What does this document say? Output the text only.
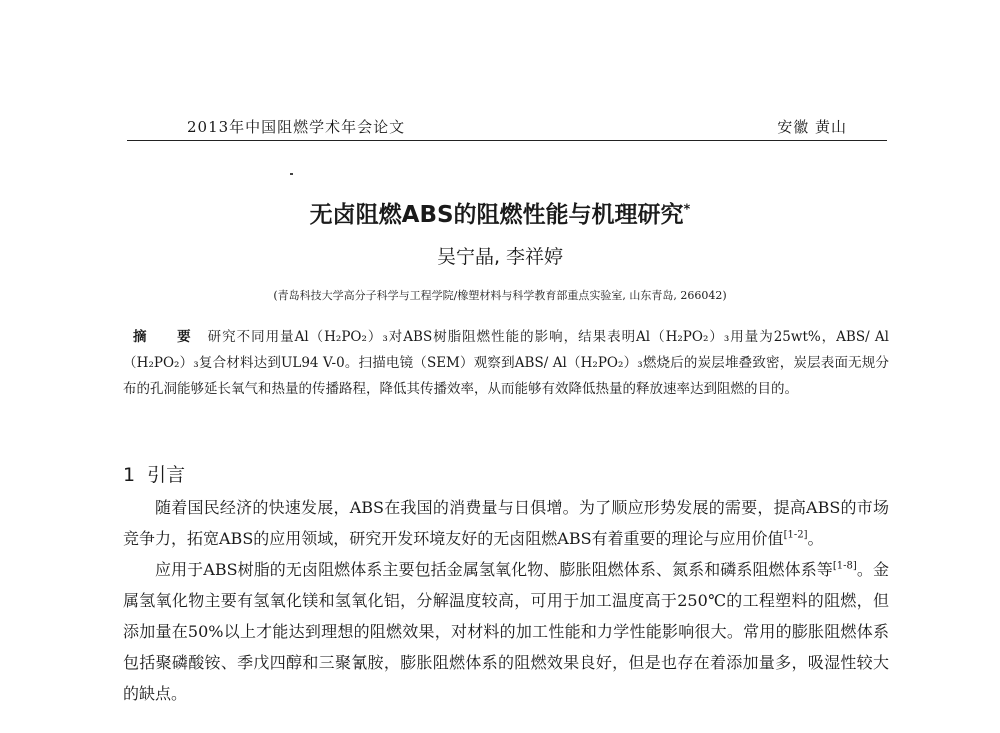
2013年中国阻燃学术年会论文	安徽 黄山
无卤阻燃ABS的阻燃性能与机理研究*
吴宁晶, 李祥婷
(青岛科技大学高分子科学与工程学院/橡塑材料与科学教育部重点实验室, 山东青岛, 266042)
摘 要 研究不同用量Al（H₂PO₂）₃对ABS树脂阻燃性能的影响，结果表明Al（H₂PO₂）₃用量为25wt%，ABS/ Al（H₂PO₂）₃复合材料达到UL94 V-0。扫描电镜（SEM）观察到ABS/ Al（H₂PO₂）₃燃烧后的炭层堆叠致密，炭层表面无规分布的孔洞能够延长氧气和热量的传播路程，降低其传播效率，从而能够有效降低热量的释放速率达到阻燃的目的。
1 引言

随着国民经济的快速发展，ABS在我国的消费量与日俱增。为了顺应形势发展的需要，提高ABS的市场竞争力，拓宽ABS的应用领域，研究开发环境友好的无卤阻燃ABS有着重要的理论与应用价值[1-2]。

应用于ABS树脂的无卤阻燃体系主要包括金属氢氧化物、膨胀阻燃体系、氮系和磷系阻燃体系等[1-8]。金属氢氧化物主要有氢氧化镁和氢氧化铝，分解温度较高，可用于加工温度高于250℃的工程塑料的阻燃，但添加量在50%以上才能达到理想的阻燃效果，对材料的加工性能和力学性能影响很大。常用的膨胀阻燃体系包括聚磷酸铵、季戊四醇和三聚氰胺，膨胀阻燃体系的阻燃效果良好，但是也存在着添加量多，吸湿性较大的缺点。
